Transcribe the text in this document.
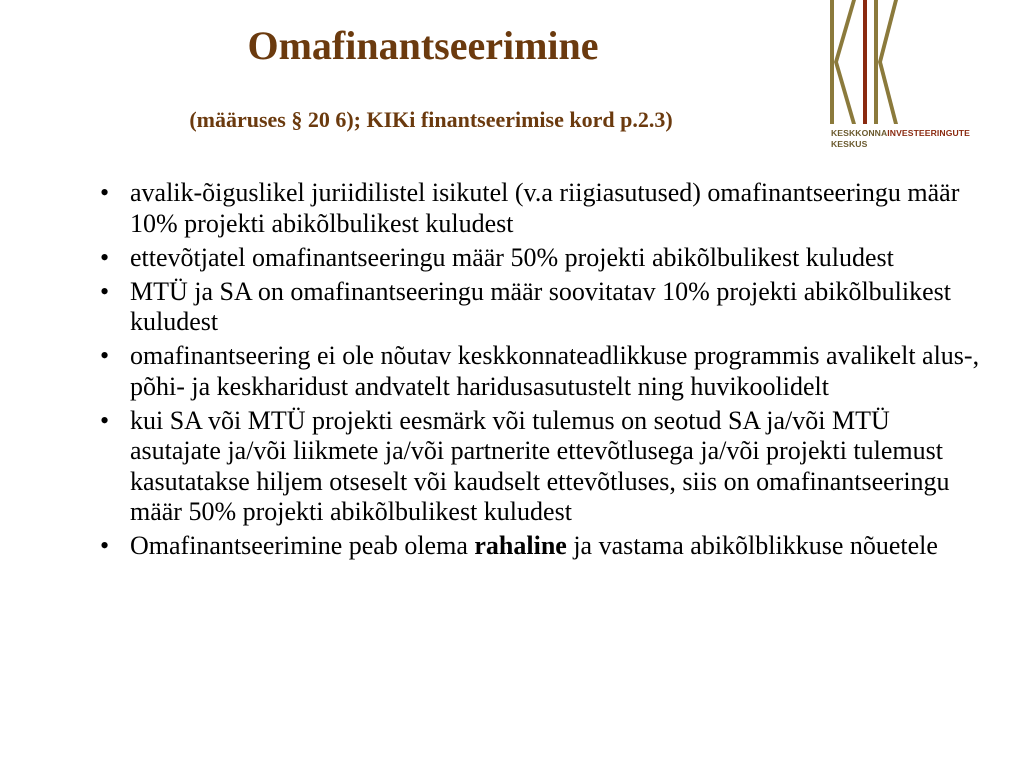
Omafinantseerimine
(määruses § 20 6); KIKi finantseerimise kord p.2.3)
KESKKONNAINVESTEERINGUTE
KESKUS
• avalik-õiguslikel juriidilistel isikutel (v.a riigiasutused) omafinantseeringu määr 10% projekti abikõlbulikest kuludest
• ettevõtjatel omafinantseeringu määr 50% projekti abikõlbulikest kuludest
• MTÜ ja SA on omafinantseeringu määr soovitatav 10% projekti abikõlbulikest kuludest
• omafinantseering ei ole nõutav keskkonnateadlikkuse programmis avalikelt alus-, põhi- ja keskharidust andvatelt haridusasutustelt ning huvikoolidelt
• kui SA või MTÜ projekti eesmärk või tulemus on seotud SA ja/või MTÜ asutajate ja/või liikmete ja/või partnerite ettevõtlusega ja/või projekti tulemust kasutatakse hiljem otseselt või kaudselt ettevõtluses, siis on omafinantseeringu määr 50% projekti abikõlbulikest kuludest
• Omafinantseerimine peab olema rahaline ja vastama abikõlblikkuse nõuetele
